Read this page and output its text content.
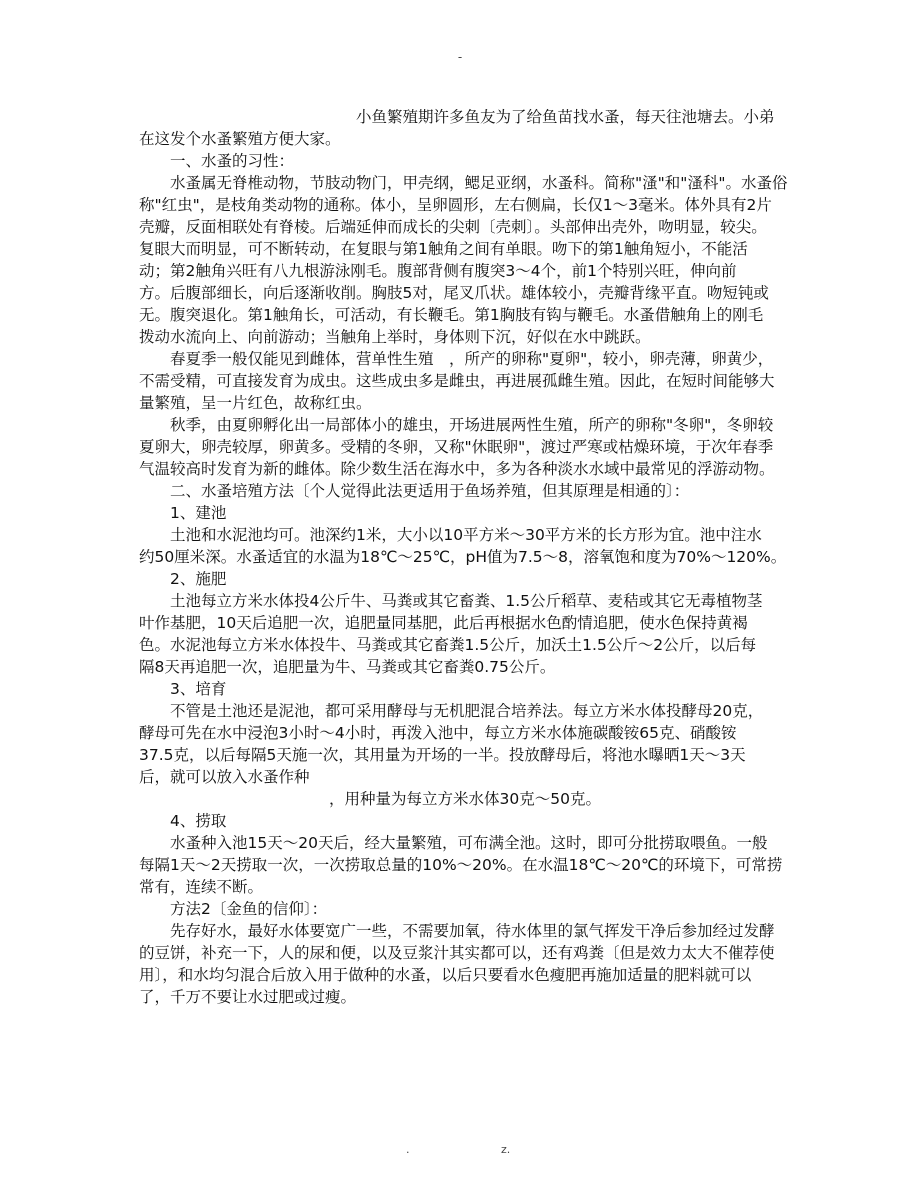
-
小鱼繁殖期许多鱼友为了给鱼苗找水蚤，每天往池塘去。小弟
在这发个水蚤繁殖方便大家。
一、水蚤的习性：
水蚤属无脊椎动物，节肢动物门，甲壳纲，鳃足亚纲，水蚤科。简称"溞"和"溞科"。水蚤俗
称"红虫"，是枝角类动物的通称。体小，呈卵圆形，左右侧扁，长仅1～3毫米。体外具有2片
壳瓣，反面相联处有脊棱。后端延伸而成长的尖刺〔壳刺〕。头部伸出壳外，吻明显，较尖。
复眼大而明显，可不断转动，在复眼与第1触角之间有单眼。吻下的第1触角短小，不能活
动；第2触角兴旺有八九根游泳刚毛。腹部背侧有腹突3～4个，前1个特别兴旺，伸向前
方。后腹部细长，向后逐渐收削。胸肢5对，尾叉爪状。雄体较小，壳瓣背缘平直。吻短钝或
无。腹突退化。第1触角长，可活动，有长鞭毛。第1胸肢有钩与鞭毛。水蚤借触角上的刚毛
拨动水流向上、向前游动；当触角上举时，身体则下沉，好似在水中跳跃。
春夏季一般仅能见到雌体，营单性生殖　，所产的卵称"夏卵"，较小，卵壳薄，卵黄少，
不需受精，可直接发育为成虫。这些成虫多是雌虫，再进展孤雌生殖。因此，在短时间能够大
量繁殖，呈一片红色，故称红虫。
秋季，由夏卵孵化出一局部体小的雄虫，开场进展两性生殖，所产的卵称"冬卵"，冬卵较
夏卵大，卵壳较厚，卵黄多。受精的冬卵，又称"休眠卵"，渡过严寒或枯燥环境，于次年春季
气温较高时发育为新的雌体。除少数生活在海水中，多为各种淡水水域中最常见的浮游动物。
二、水蚤培殖方法〔个人觉得此法更适用于鱼场养殖，但其原理是相通的〕：
1、建池
土池和水泥池均可。池深约1米，大小以10平方米～30平方米的长方形为宜。池中注水
约50厘米深。水蚤适宜的水温为18℃～25℃，pH值为7.5～8，溶氧饱和度为70%～120%。
2、施肥
土池每立方米水体投4公斤牛、马粪或其它畜粪、1.5公斤稻草、麦秸或其它无毒植物茎
叶作基肥，10天后追肥一次，追肥量同基肥，此后再根据水色酌情追肥，使水色保持黄褐
色。水泥池每立方米水体投牛、马粪或其它畜粪1.5公斤，加沃土1.5公斤～2公斤，以后每
隔8天再追肥一次，追肥量为牛、马粪或其它畜粪0.75公斤。
3、培育
不管是土池还是泥池，都可采用酵母与无机肥混合培养法。每立方米水体投酵母20克，
酵母可先在水中浸泡3小时～4小时，再泼入池中，每立方米水体施碳酸铵65克、硝酸铵
37.5克，以后每隔5天施一次，其用量为开场的一半。投放酵母后，将池水曝晒1天～3天
后，就可以放入水蚤作种
，用种量为每立方米水体30克～50克。
4、捞取
水蚤种入池15天～20天后，经大量繁殖，可布满全池。这时，即可分批捞取喂鱼。一般
每隔1天～2天捞取一次，一次捞取总量的10%～20%。在水温18℃～20℃的环境下，可常捞
常有，连续不断。
方法2〔金鱼的信仰〕：
先存好水，最好水体要宽广一些，不需要加氧，待水体里的氯气挥发干净后参加经过发酵
的豆饼，补充一下，人的尿和便，以及豆浆汁其实都可以，还有鸡粪〔但是效力太大不催荐使
用〕，和水均匀混合后放入用于做种的水蚤，以后只要看水色瘦肥再施加适量的肥料就可以
了，千万不要让水过肥或过瘦。
.	z.
